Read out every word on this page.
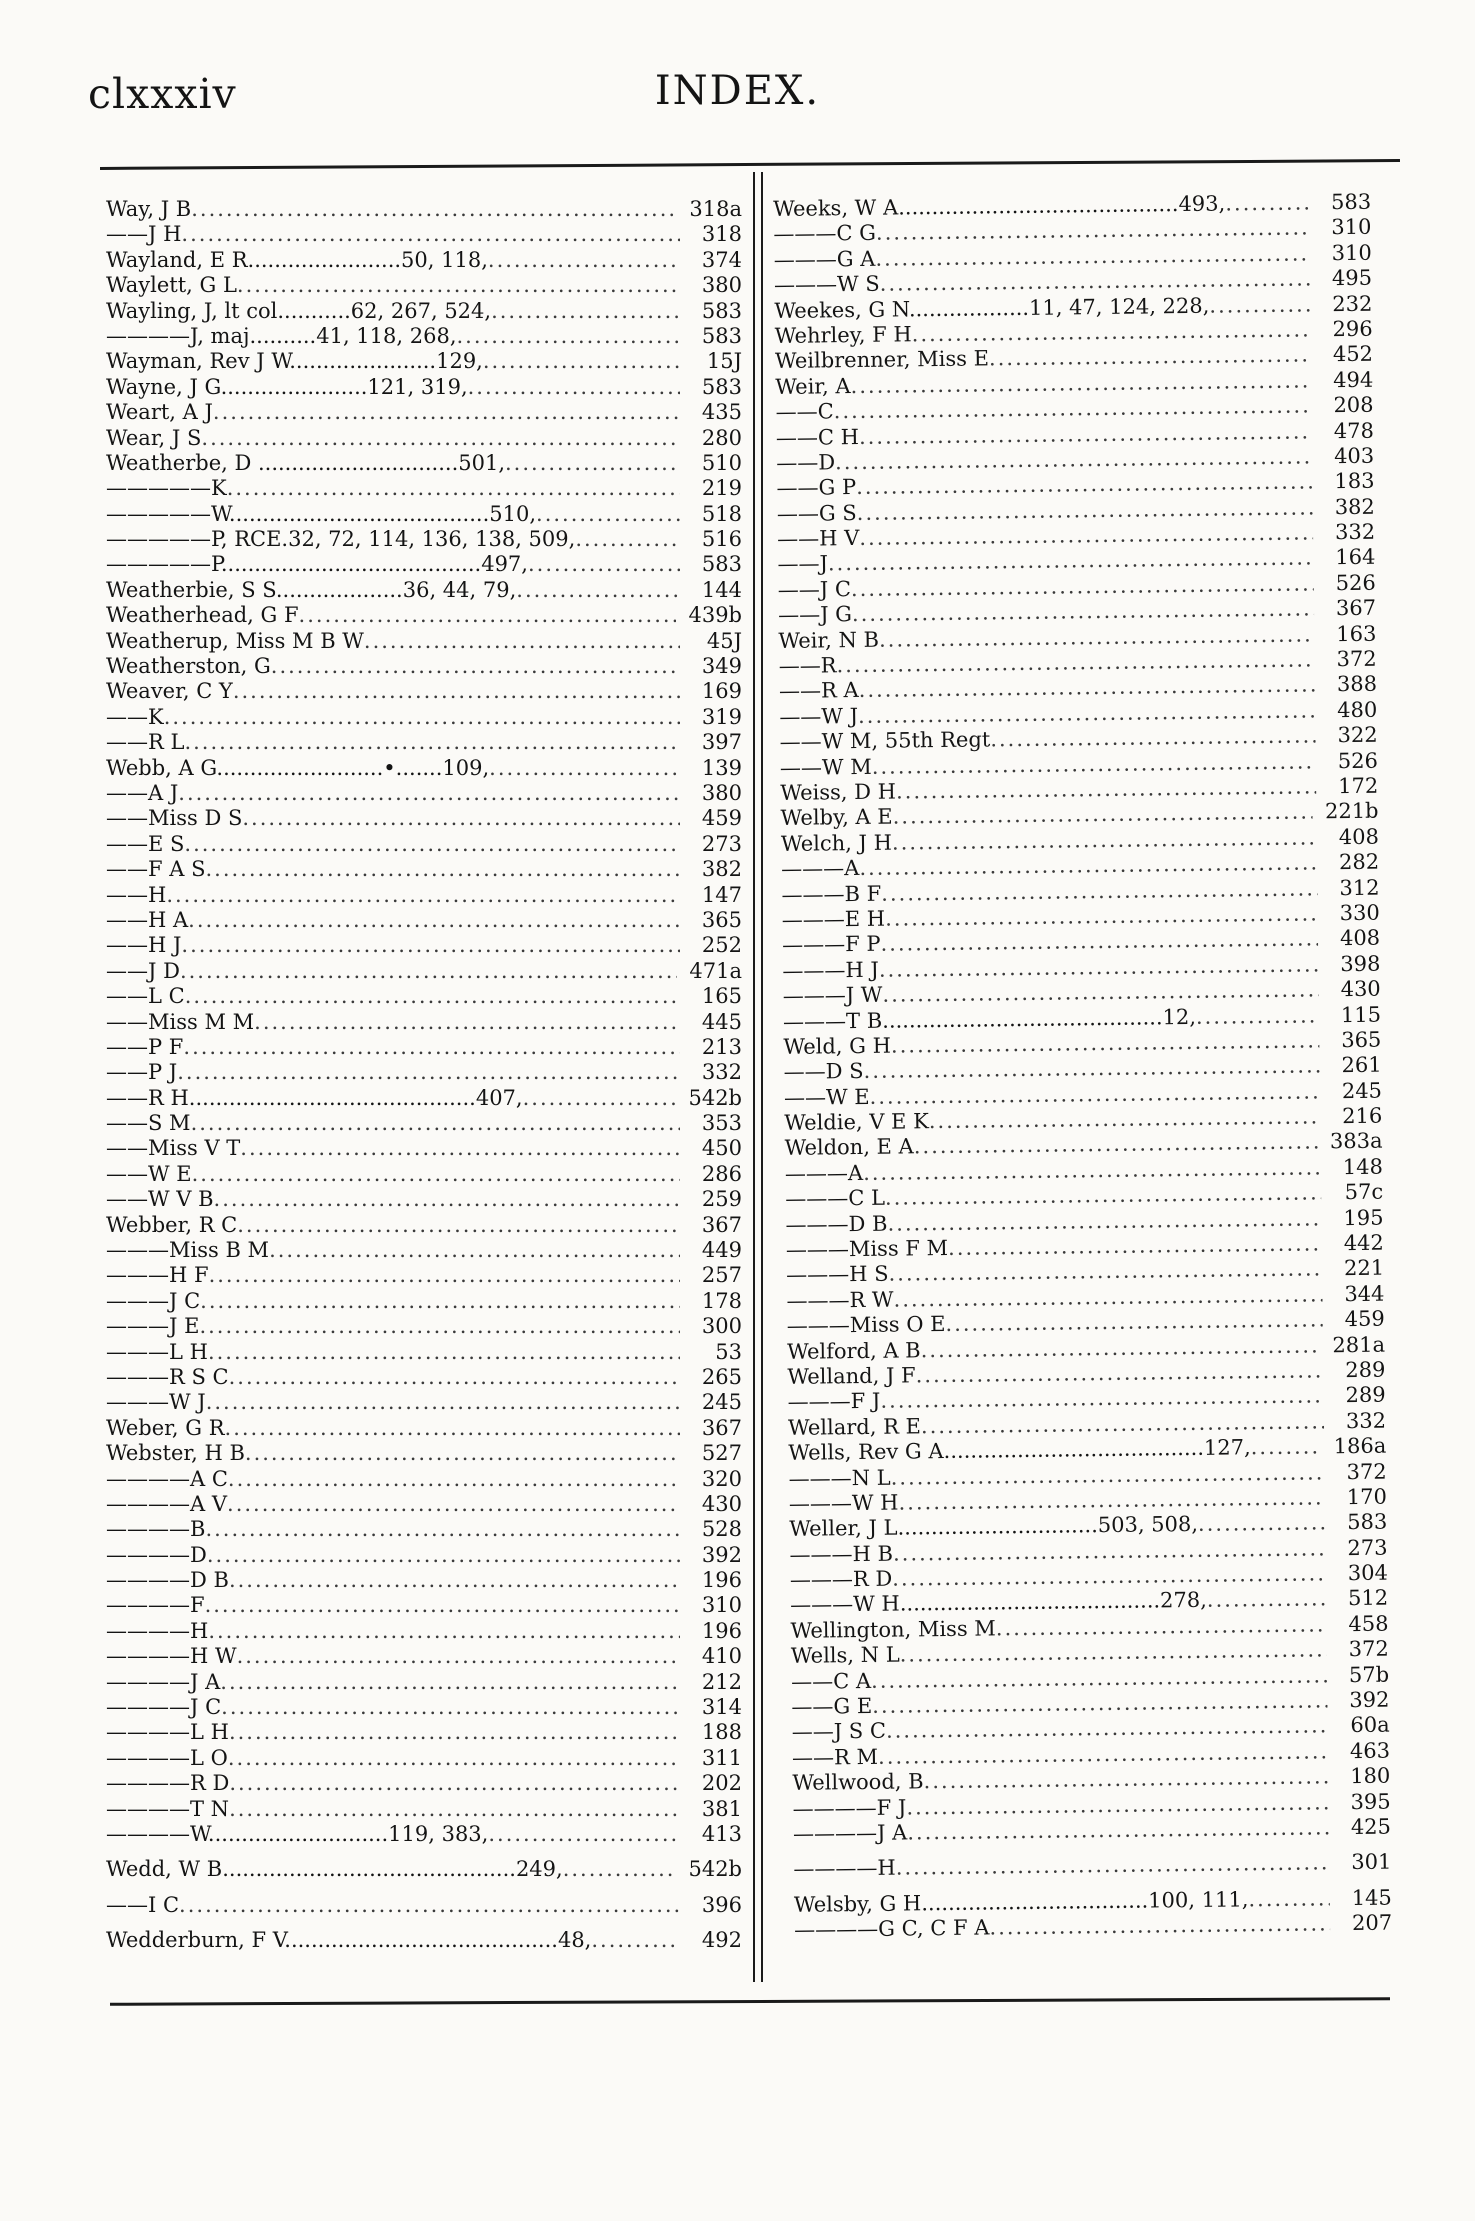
clxxxiv	INDEX.
Way, J B .....	318a
——J H .....	318
Wayland, E R.......................50, 118, .....	374
Waylett, G L .....	380
Wayling, J, lt col...........62, 267, 524, .....	583
————J, maj..........41, 118, 268, .....	583
Wayman, Rev J W......................129, .....	15J
Wayne, J G......................121, 319, .....	583
Weart, A J .....	435
Wear, J S .....	280
Weatherbe, D ..............................501, .....	510
—————K .....	219
—————W.......................................510, .....	518
—————P, RCE.32, 72, 114, 136, 138, 509, .....	516
—————P.......................................497, .....	583
Weatherbie, S S...................36, 44, 79, .....	144
Weatherhead, G F .....	439b
Weatherup, Miss M B W .....	45J
Weatherston, G .....	349
Weaver, C Y .....	169
——K .....	319
——R L .....	397
Webb, A G.........................•.......109, .....	139
——A J .....	380
——Miss D S .....	459
——E S .....	273
——F A S .....	382
——H .....	147
——H A .....	365
——H J .....	252
——J D .....	471a
——L C .....	165
——Miss M M .....	445
——P F .....	213
——P J .....	332
——R H...........................................407, .....	542b
——S M .....	353
——Miss V T .....	450
——W E .....	286
——W V B .....	259
Webber, R C .....	367
———Miss B M .....	449
———H F .....	257
———J C .....	178
———J E .....	300
———L H .....	53
———R S C .....	265
———W J .....	245
Weber, G R .....	367
Webster, H B .....	527
————A C .....	320
————A V .....	430
————B .....	528
————D .....	392
————D B .....	196
————F .....	310
————H .....	196
————H W .....	410
————J A .....	212
————J C .....	314
————L H .....	188
————L O .....	311
————R D .....	202
————T N .....	381
————W...........................119, 383, .....	413
Wedd, W B............................................249, .....	542b
——I C .....	396
Wedderburn, F V.........................................48, .....	492
Weeks, W A..........................................493, .....	583
———C G .....	310
———G A .....	310
———W S .....	495
Weekes, G N..................11, 47, 124, 228, .....	232
Wehrley, F H .....	296
Weilbrenner, Miss E .....	452
Weir, A .....	494
——C .....	208
——C H .....	478
——D .....	403
——G P .....	183
——G S .....	382
——H V .....	332
——J .....	164
——J C .....	526
——J G .....	367
Weir, N B .....	163
——R .....	372
——R A .....	388
——W J .....	480
——W M, 55th Regt .....	322
——W M .....	526
Weiss, D H .....	172
Welby, A E .....	221b
Welch, J H .....	408
———A .....	282
———B F .....	312
———E H .....	330
———F P .....	408
———H J .....	398
———J W .....	430
———T B..........................................12, .....	115
Weld, G H .....	365
——D S .....	261
——W E .....	245
Weldie, V E K .....	216
Weldon, E A .....	383a
———A .....	148
———C L .....	57c
———D B .....	195
———Miss F M .....	442
———H S .....	221
———R W .....	344
———Miss O E .....	459
Welford, A B .....	281a
Welland, J F .....	289
———F J .....	289
Wellard, R E .....	332
Wells, Rev G A.......................................127, .....	186a
———N L .....	372
———W H .....	170
Weller, J L..............................503, 508, .....	583
———H B .....	273
———R D .....	304
———W H.......................................278, .....	512
Wellington, Miss M .....	458
Wells, N L .....	372
——C A .....	57b
——G E .....	392
——J S C .....	60a
——R M .....	463
Wellwood, B .....	180
————F J .....	395
————J A .....	425
————H .....	301
Welsby, G H..................................100, 111, .....	145
————G C, C F A .....	207
